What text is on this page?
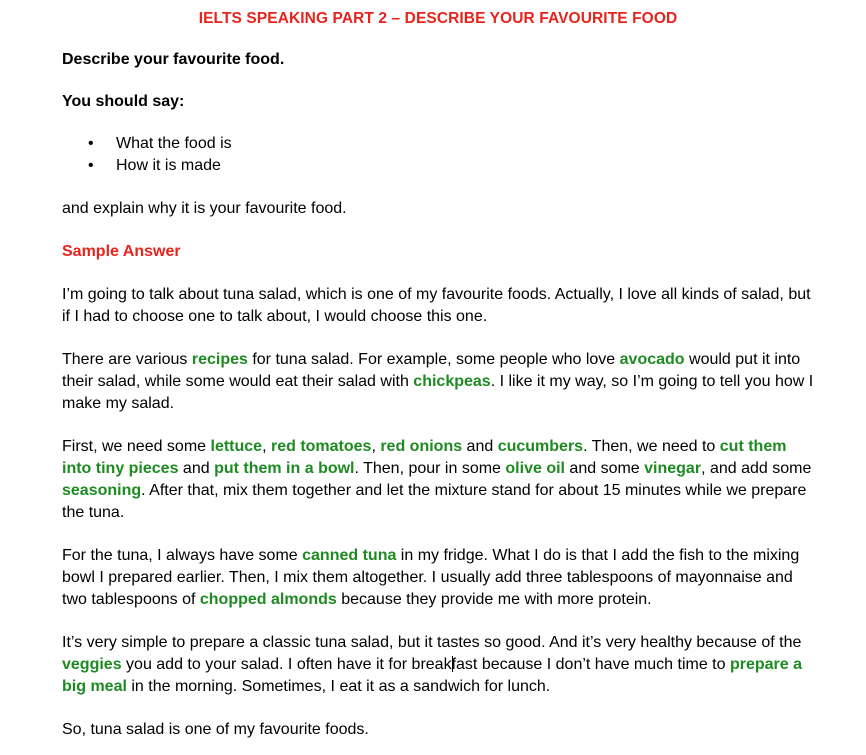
IELTS SPEAKING PART 2 – DESCRIBE YOUR FAVOURITE FOOD

Describe your favourite food.

You should say:

• What the food is
• How it is made

and explain why it is your favourite food.

Sample Answer

I’m going to talk about tuna salad, which is one of my favourite foods. Actually, I love all kinds of salad, but if I had to choose one to talk about, I would choose this one.

There are various recipes for tuna salad. For example, some people who love avocado would put it into their salad, while some would eat their salad with chickpeas. I like it my way, so I’m going to tell you how I make my salad.

First, we need some lettuce, red tomatoes, red onions and cucumbers. Then, we need to cut them into tiny pieces and put them in a bowl. Then, pour in some olive oil and some vinegar, and add some seasoning. After that, mix them together and let the mixture stand for about 15 minutes while we prepare the tuna.

For the tuna, I always have some canned tuna in my fridge. What I do is that I add the fish to the mixing bowl I prepared earlier. Then, I mix them altogether. I usually add three tablespoons of mayonnaise and two tablespoons of chopped almonds because they provide me with more protein.

It’s very simple to prepare a classic tuna salad, but it tastes so good. And it’s very healthy because of the veggies you add to your salad. I often have it for breakfast because I don’t have much time to prepare a big meal in the morning. Sometimes, I eat it as a sandwich for lunch.

So, tuna salad is one of my favourite foods.
